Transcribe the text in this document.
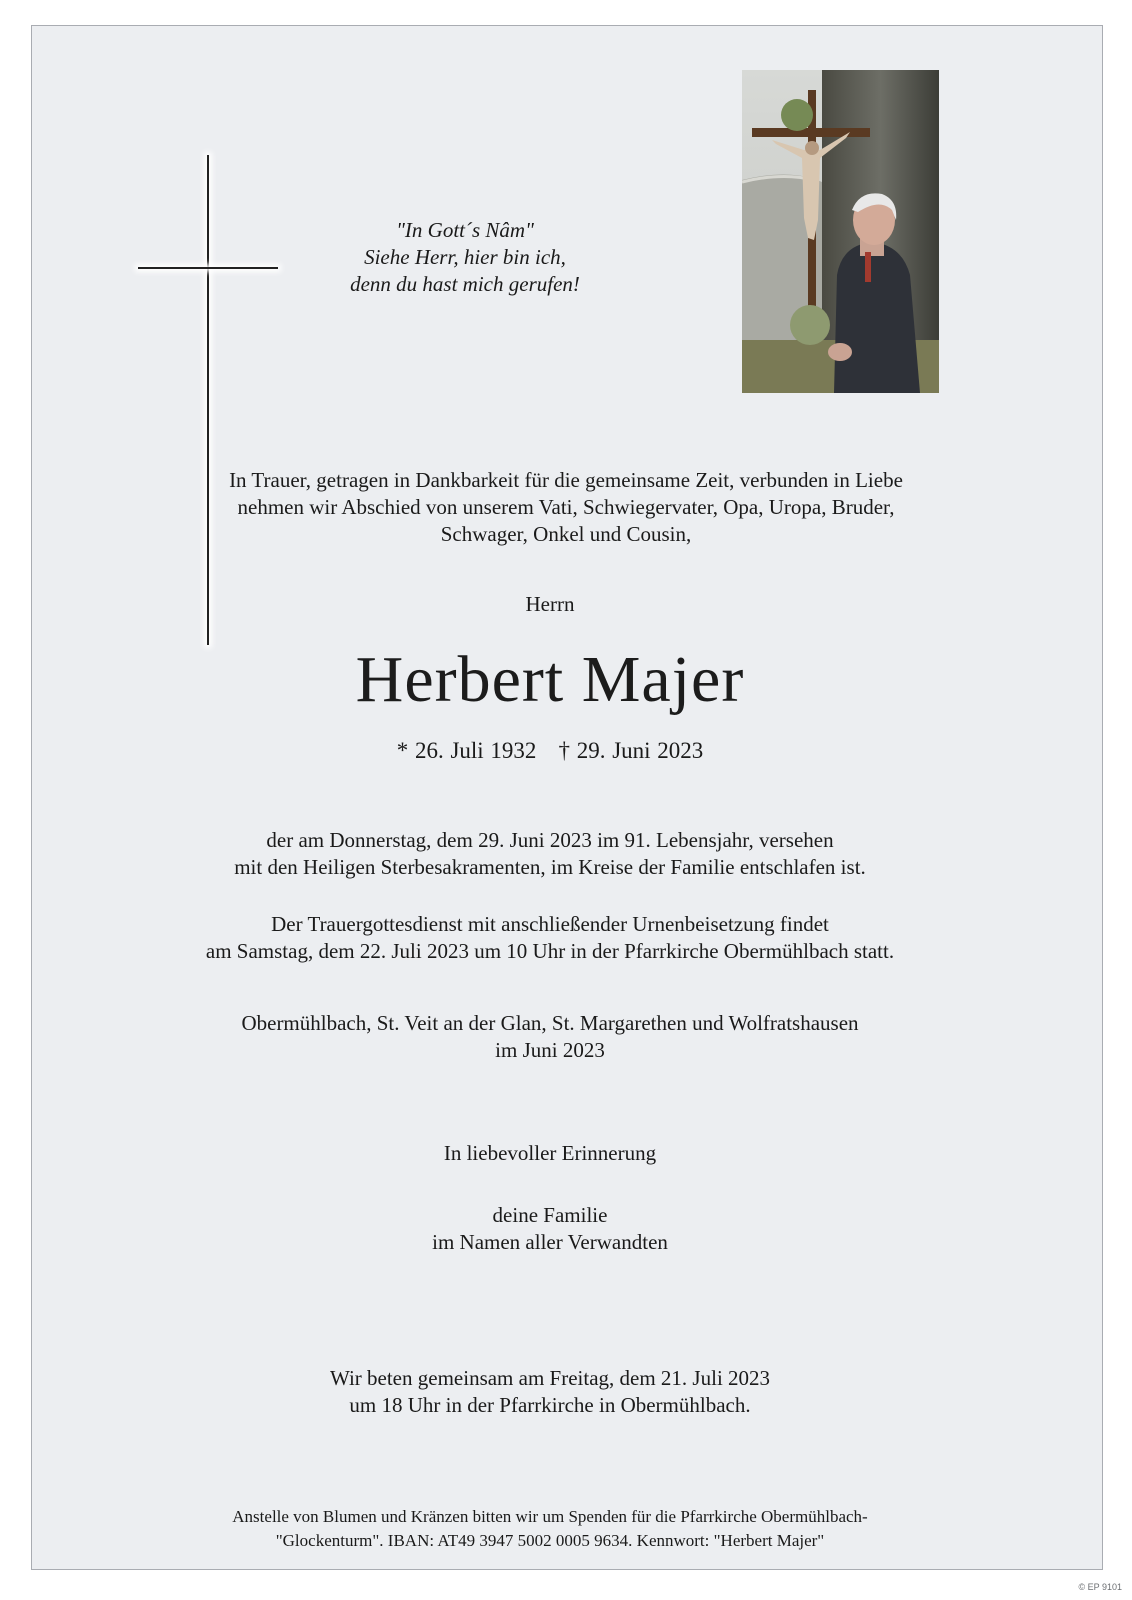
"In Gott´s Nâm"
Siehe Herr, hier bin ich,
denn du hast mich gerufen!
In Trauer, getragen in Dankbarkeit für die gemeinsame Zeit, verbunden in Liebe
nehmen wir Abschied von unserem Vati, Schwiegervater, Opa, Uropa, Bruder,
Schwager, Onkel und Cousin,
Herrn
Herbert Majer
* 26. Juli 1932 † 29. Juni 2023
der am Donnerstag, dem 29. Juni 2023 im 91. Lebensjahr, versehen
mit den Heiligen Sterbesakramenten, im Kreise der Familie entschlafen ist.
Der Trauergottesdienst mit anschließender Urnenbeisetzung findet
am Samstag, dem 22. Juli 2023 um 10 Uhr in der Pfarrkirche Obermühlbach statt.
Obermühlbach, St. Veit an der Glan, St. Margarethen und Wolfratshausen
im Juni 2023
In liebevoller Erinnerung
deine Familie
im Namen aller Verwandten
Wir beten gemeinsam am Freitag, dem 21. Juli 2023
um 18 Uhr in der Pfarrkirche in Obermühlbach.
Anstelle von Blumen und Kränzen bitten wir um Spenden für die Pfarrkirche Obermühlbach-
"Glockenturm". IBAN: AT49 3947 5002 0005 9634. Kennwort: "Herbert Majer"
© EP 9101
